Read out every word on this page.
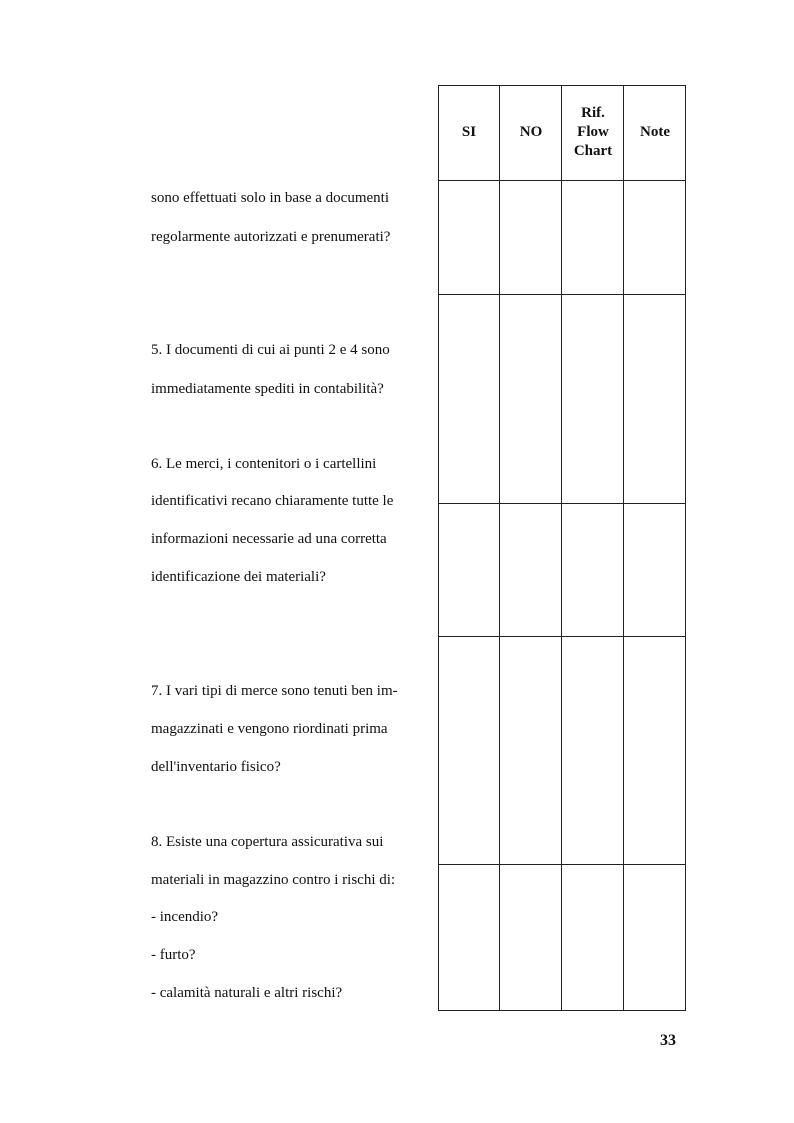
sono effettuati solo in base a documenti
regolarmente autorizzati e prenumerati?
5. I documenti di cui ai punti 2 e 4 sono
immediatamente spediti in contabilità?
6. Le merci, i contenitori o i cartellini
identificativi recano chiaramente tutte le
informazioni necessarie ad una corretta
identificazione dei materiali?
7. I vari tipi di merce sono tenuti ben im-
magazzinati e vengono riordinati prima
dell'inventario fisico?
8. Esiste una copertura assicurativa sui
materiali in magazzino contro i rischi di:
- incendio?
- furto?
- calamità naturali e altri rischi?
SI	NO
Rif.
Flow
Chart
Note
33
